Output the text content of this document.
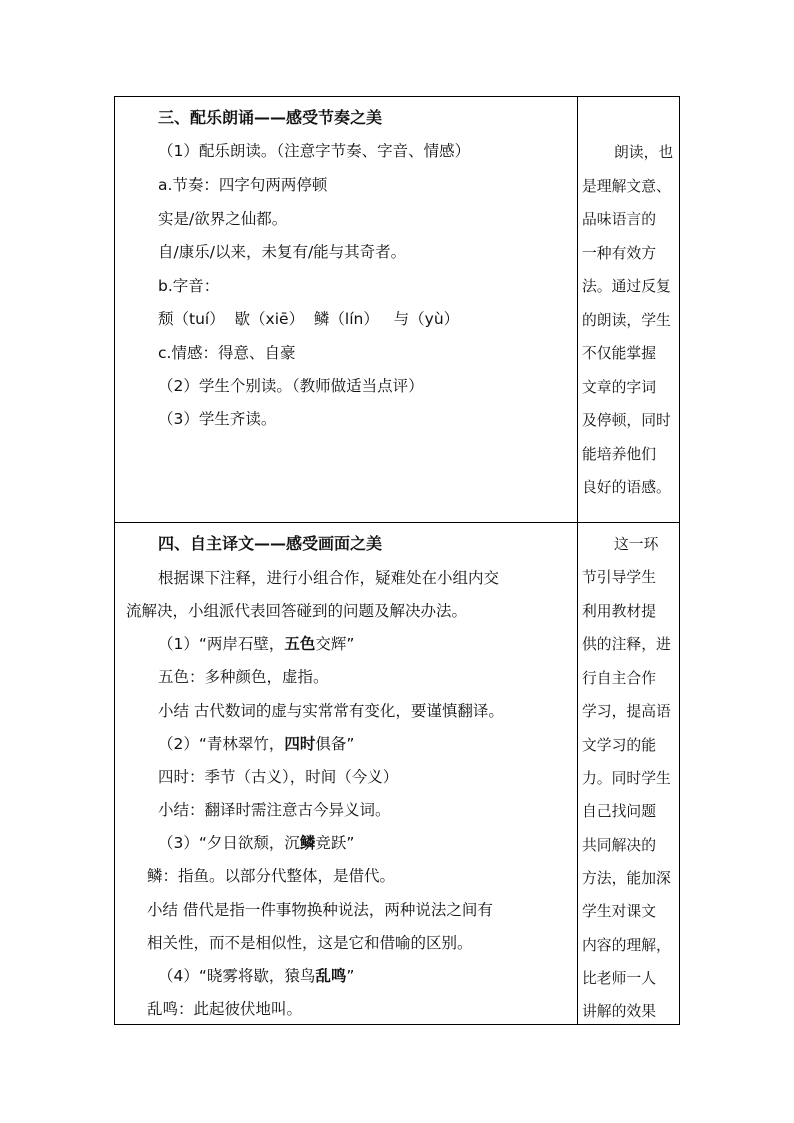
三、配乐朗诵——感受节奏之美
（1）配乐朗读。（注意字节奏、字音、情感）
a.节奏：四字句两两停顿
实是/欲界之仙都。
自/康乐/以来，未复有/能与其奇者。
b.字音：
颓（tuí）  歇（xiē）  鳞（lín）   与（yù）
c.情感：得意、自豪
（2）学生个别读。（教师做适当点评）
（3）学生齐读。
朗读，也
是理解文意、
品味语言的
一种有效方
法。通过反复
的朗读，学生
不仅能掌握
文章的字词
及停顿，同时
能培养他们
良好的语感。
四、自主译文——感受画面之美
根据课下注释，进行小组合作，疑难处在小组内交
流解决，小组派代表回答碰到的问题及解决办法。
（1）“两岸石壁，五色交辉”
五色：多种颜色，虚指。
小结 古代数词的虚与实常常有变化，要谨慎翻译。
（2）“青林翠竹，四时俱备”
四时：季节（古义），时间（今义）
小结：翻译时需注意古今异义词。
（3）“夕日欲颓，沉鳞竞跃”
鳞：指鱼。以部分代整体，是借代。
小结 借代是指一件事物换种说法，两种说法之间有
相关性，而不是相似性，这是它和借喻的区别。
（4）“晓雾将歇，猿鸟乱鸣”
乱鸣：此起彼伏地叫。
这一环
节引导学生
利用教材提
供的注释，进
行自主合作
学习，提高语
文学习的能
力。同时学生
自己找问题
共同解决的
方法，能加深
学生对课文
内容的理解，
比老师一人
讲解的效果
